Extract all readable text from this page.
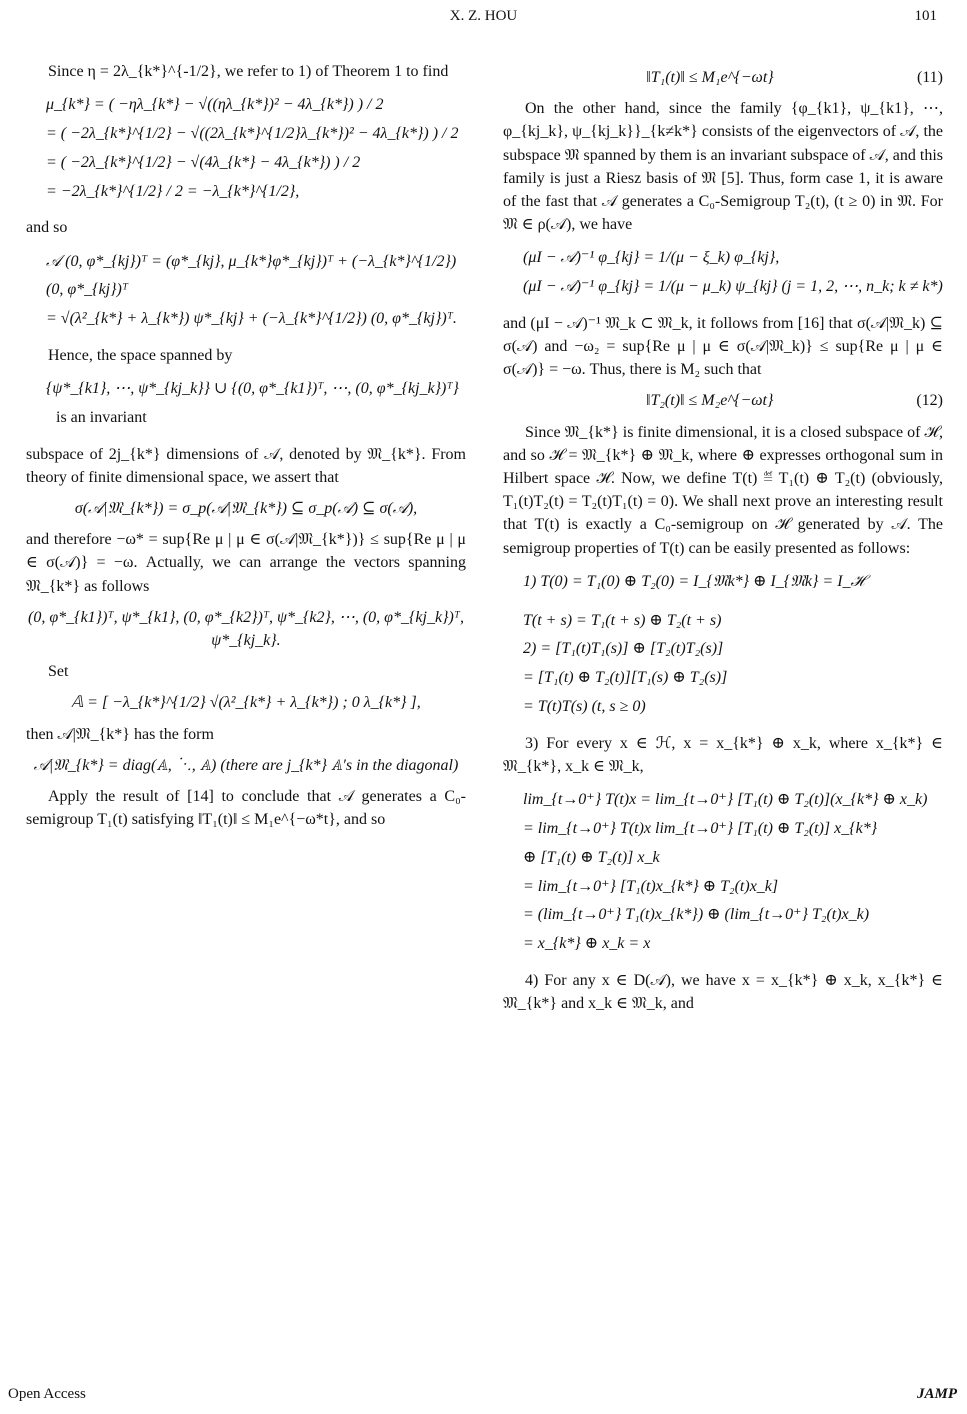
X. Z. HOU	101

Since η = 2λ_{k*}^{-1/2}, we refer to 1) of Theorem 1 to find

μ_{k*} = ( −ηλ_{k*} − √((ηλ_{k*})² − 4λ_{k*}) ) / 2
= ( −2λ_{k*}^{1/2} − √((2λ_{k*}^{1/2}λ_{k*})² − 4λ_{k*}) ) / 2
= ( −2λ_{k*}^{1/2} − √(4λ_{k*} − 4λ_{k*}) ) / 2
= −2λ_{k*}^{1/2} / 2 = −λ_{k*}^{1/2},

and so

𝒜 (0, φ*_{kj})ᵀ = (φ*_{kj}, μ_{k*}φ*_{kj})ᵀ + (−λ_{k*}^{1/2}) (0, φ*_{kj})ᵀ
= √(λ²_{k*} + λ_{k*}) ψ*_{kj} + (−λ_{k*}^{1/2}) (0, φ*_{kj})ᵀ.

Hence, the space spanned by

{ψ*_{k1}, ⋯, ψ*_{kj_k}} ∪ {(0, φ*_{k1})ᵀ, ⋯, (0, φ*_{kj_k})ᵀ} is an invariant

subspace of 2j_{k*} dimensions of 𝒜, denoted by 𝔐_{k*}. From theory of finite dimensional space, we assert that

σ(𝒜|𝔐_{k*}) = σ_p(𝒜|𝔐_{k*}) ⊆ σ_p(𝒜) ⊆ σ(𝒜),

and therefore −ω* = sup{Re μ | μ ∈ σ(𝒜|𝔐_{k*})} ≤ sup{Re μ | μ ∈ σ(𝒜)} = −ω. Actually, we can arrange the vectors spanning 𝔐_{k*} as follows

(0, φ*_{k1})ᵀ, ψ*_{k1}, (0, φ*_{k2})ᵀ, ψ*_{k2}, ⋯, (0, φ*_{kj_k})ᵀ, ψ*_{kj_k}.

Set

𝔸 = [ −λ_{k*}^{1/2} √(λ²_{k*} + λ_{k*}) ; 0 λ_{k*} ],

then 𝒜|𝔐_{k*} has the form

𝒜|𝔐_{k*} = diag(𝔸, ⋱, 𝔸) (there are j_{k*} 𝔸′s in the diagonal)

Apply the result of [14] to conclude that 𝒜 generates a C₀-semigroup T₁(t) satisfying ‖T₁(t)‖ ≤ M₁e^{−ω*t}, and so

‖T₁(t)‖ ≤ M₁e^{−ωt}	(11)

On the other hand, since the family {φ_{k1}, ψ_{k1}, ⋯, φ_{kj_k}, ψ_{kj_k}}_{k≠k*} consists of the eigenvectors of 𝒜, the subspace 𝔐 spanned by them is an invariant subspace of 𝒜, and this family is just a Riesz basis of 𝔐 [5]. Thus, form case 1, it is aware of the fast that 𝒜 generates a C₀-Semigroup T₂(t), (t ≥ 0) in 𝔐. For 𝔐 ∈ ρ(𝒜), we have

(μI − 𝒜)⁻¹ φ_{kj} = 1/(μ − ξ_k) φ_{kj},
(μI − 𝒜)⁻¹ φ_{kj} = 1/(μ − μ_k) ψ_{kj} (j = 1, 2, ⋯, n_k; k ≠ k*)

and (μI − 𝒜)⁻¹ 𝔐_k ⊂ 𝔐_k, it follows from [16] that σ(𝒜|𝔐_k) ⊆ σ(𝒜) and −ω₂ = sup{Re μ | μ ∈ σ(𝒜|𝔐_k)} ≤ sup{Re μ | μ ∈ σ(𝒜)} = −ω. Thus, there is M₂ such that

‖T₂(t)‖ ≤ M₂e^{−ωt}	(12)

Since 𝔐_{k*} is finite dimensional, it is a closed subspace of ℋ, and so ℋ = 𝔐_{k*} ⊕ 𝔐_k, where ⊕ expresses orthogonal sum in Hilbert space ℋ. Now, we define T(t) ≝ T₁(t) ⊕ T₂(t) (obviously, T₁(t)T₂(t) = T₂(t)T₁(t) = 0). We shall next prove an interesting result that T(t) is exactly a C₀-semigroup on ℋ generated by 𝒜. The semigroup properties of T(t) can be easily presented as follows:

1) T(0) = T₁(0) ⊕ T₂(0) = I_{𝔐k*} ⊕ I_{𝔐k} = I_ℋ
T(t + s) = T₁(t + s) ⊕ T₂(t + s)
2) = [T₁(t)T₁(s)] ⊕ [T₂(t)T₂(s)]
= [T₁(t) ⊕ T₂(t)][T₁(s) ⊕ T₂(s)]
= T(t)T(s) (t, s ≥ 0)

3) For every x ∈ ℋ, x = x_{k*} ⊕ x_k, where x_{k*} ∈ 𝔐_{k*}, x_k ∈ 𝔐_k,

lim_{t→0⁺} T(t)x = lim_{t→0⁺} [T₁(t) ⊕ T₂(t)](x_{k*} ⊕ x_k)
= lim_{t→0⁺} T(t)x lim_{t→0⁺} [T₁(t) ⊕ T₂(t)] x_{k*}
⊕ [T₁(t) ⊕ T₂(t)] x_k
= lim_{t→0⁺} [T₁(t)x_{k*} ⊕ T₂(t)x_k]
= (lim_{t→0⁺} T₁(t)x_{k*}) ⊕ (lim_{t→0⁺} T₂(t)x_k)
= x_{k*} ⊕ x_k = x

4) For any x ∈ D(𝒜), we have x = x_{k*} ⊕ x_k, x_{k*} ∈ 𝔐_{k*} and x_k ∈ 𝔐_k, and

Open Access	JAMP
